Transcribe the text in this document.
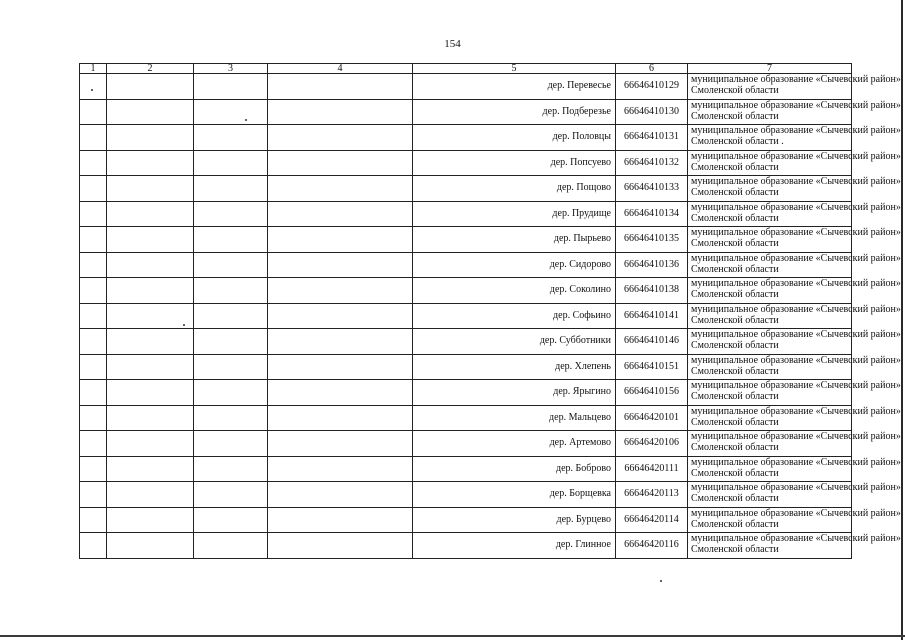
154
1	2	3	4	5	6	7
				дер. Перевесье	66646410129	муниципальное образование «Сычевский район»
Смоленской области

				дер. Подберезье	66646410130	муниципальное образование «Сычевский район»
Смоленской области

				дер. Половцы	66646410131	муниципальное образование «Сычевский район»
Смоленской области .

				дер. Попсуево	66646410132	муниципальное образование «Сычевский район»
Смоленской области

				дер. Пощово	66646410133	муниципальное образование «Сычевский район»
Смоленской области

				дер. Прудище	66646410134	муниципальное образование «Сычевский район»
Смоленской области

				дер. Пырьево	66646410135	муниципальное образование «Сычевский район»
Смоленской области

				дер. Сидорово	66646410136	муниципальное образование «Сычевский район»
Смоленской области

				дер. Соколино	66646410138	муниципальное образование «Сычевский район»
Смоленской области

				дер. Софьино	66646410141	муниципальное образование «Сычевский район»
Смоленской области

				дер. Субботники	66646410146	муниципальное образование «Сычевский район»
Смоленской области

				дер. Хлепень	66646410151	муниципальное образование «Сычевский район»
Смоленской области

				дер. Ярыгино	66646410156	муниципальное образование «Сычевский район»
Смоленской области

				дер. Мальцево	66646420101	муниципальное образование «Сычевский район»
Смоленской области

				дер. Артемово	66646420106	муниципальное образование «Сычевский район»
Смоленской области

				дер. Боброво	66646420111	муниципальное образование «Сычевский район»
Смоленской области

				дер. Борщевка	66646420113	муниципальное образование «Сычевский район»
Смоленской области

				дер. Бурцево	66646420114	муниципальное образование «Сычевский район»
Смоленской области

				дер. Глинное	66646420116	муниципальное образование «Сычевский район»
Смоленской области
